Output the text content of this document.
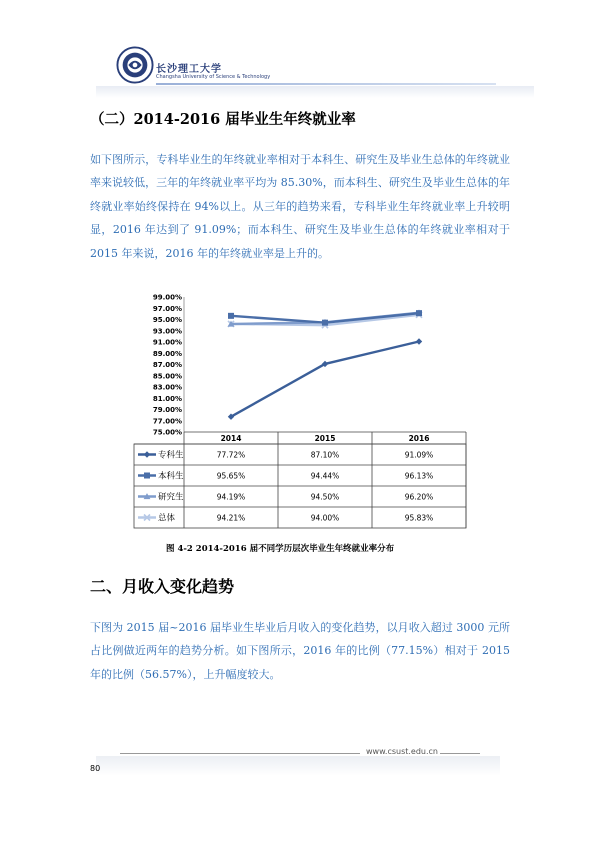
长沙理工大学
Changsha University of Science & Technology
（二）2014-2016 届毕业生年终就业率

如下图所示，专科毕业生的年终就业率相对于本科生、研究生及毕业生总体的年终就业率来说较低，三年的年终就业率平均为 85.30%，而本科生、研究生及毕业生总体的年终就业率始终保持在 94%以上。从三年的趋势来看，专科毕业生年终就业率上升较明显，2016 年达到了 91.09%；而本科生、研究生及毕业生总体的年终就业率相对于 2015 年来说，2016 年的年终就业率是上升的。

75.00%
77.00%
79.00%
81.00%
83.00%
85.00%
87.00%
89.00%
91.00%
93.00%
95.00%
97.00%
99.00%
2014	2015	2016
专科生	77.72%	87.10%	91.09%
本科生	95.65%	94.44%	96.13%
研究生	94.19%	94.50%	96.20%
总体	94.21%	94.00%	95.83%
图 4-2 2014-2016 届不同学历层次毕业生年终就业率分布
二、月收入变化趋势

下图为 2015 届~2016 届毕业生毕业后月收入的变化趋势，以月收入超过 3000 元所占比例做近两年的趋势分析。如下图所示，2016 年的比例（77.15%）相对于 2015 年的比例（56.57%），上升幅度较大。

www.csust.edu.cn
80
